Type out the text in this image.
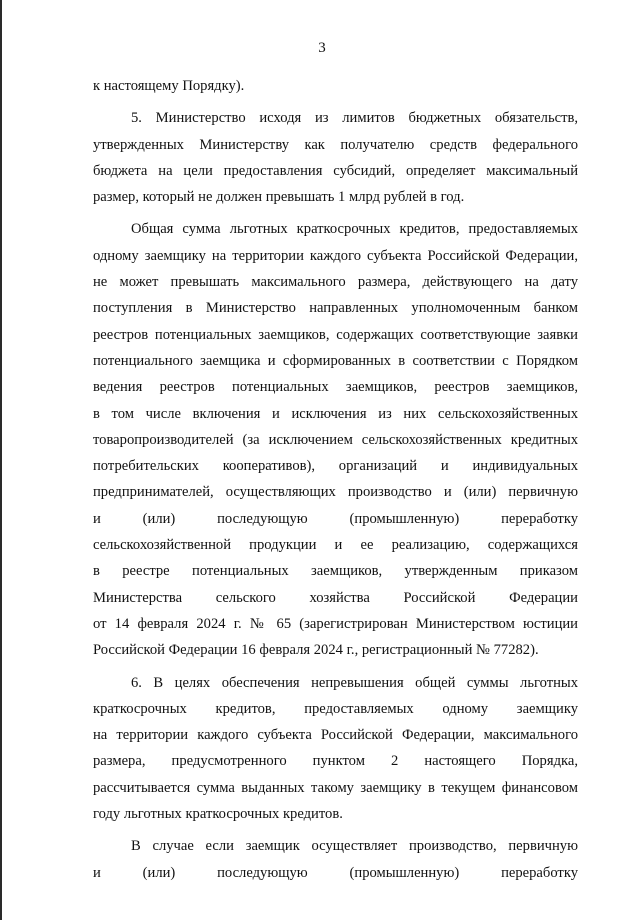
3
к настоящему Порядку).
5. Министерство исходя из лимитов бюджетных обязательств,
утвержденных Министерству как получателю средств федерального
бюджета на цели предоставления субсидий, определяет максимальный
размер, который не должен превышать 1 млрд рублей в год.
Общая сумма льготных краткосрочных кредитов, предоставляемых
одному заемщику на территории каждого субъекта Российской Федерации,
не может превышать максимального размера, действующего на дату
поступления в Министерство направленных уполномоченным банком
реестров потенциальных заемщиков, содержащих соответствующие заявки
потенциального заемщика и сформированных в соответствии с Порядком
ведения реестров потенциальных заемщиков, реестров заемщиков,
в том числе включения и исключения из них сельскохозяйственных
товаропроизводителей (за исключением сельскохозяйственных кредитных
потребительских кооперативов), организаций и индивидуальных
предпринимателей, осуществляющих производство и (или) первичную
и (или) последующую (промышленную) переработку
сельскохозяйственной продукции и ее реализацию, содержащихся
в реестре потенциальных заемщиков, утвержденным приказом
Министерства сельского хозяйства Российской Федерации
от 14 февраля 2024 г. № 65 (зарегистрирован Министерством юстиции
Российской Федерации 16 февраля 2024 г., регистрационный № 77282).
6. В целях обеспечения непревышения общей суммы льготных
краткосрочных кредитов, предоставляемых одному заемщику
на территории каждого субъекта Российской Федерации, максимального
размера, предусмотренного пунктом 2 настоящего Порядка,
рассчитывается сумма выданных такому заемщику в текущем финансовом
году льготных краткосрочных кредитов.
В случае если заемщик осуществляет производство, первичную
и (или) последующую (промышленную) переработку
